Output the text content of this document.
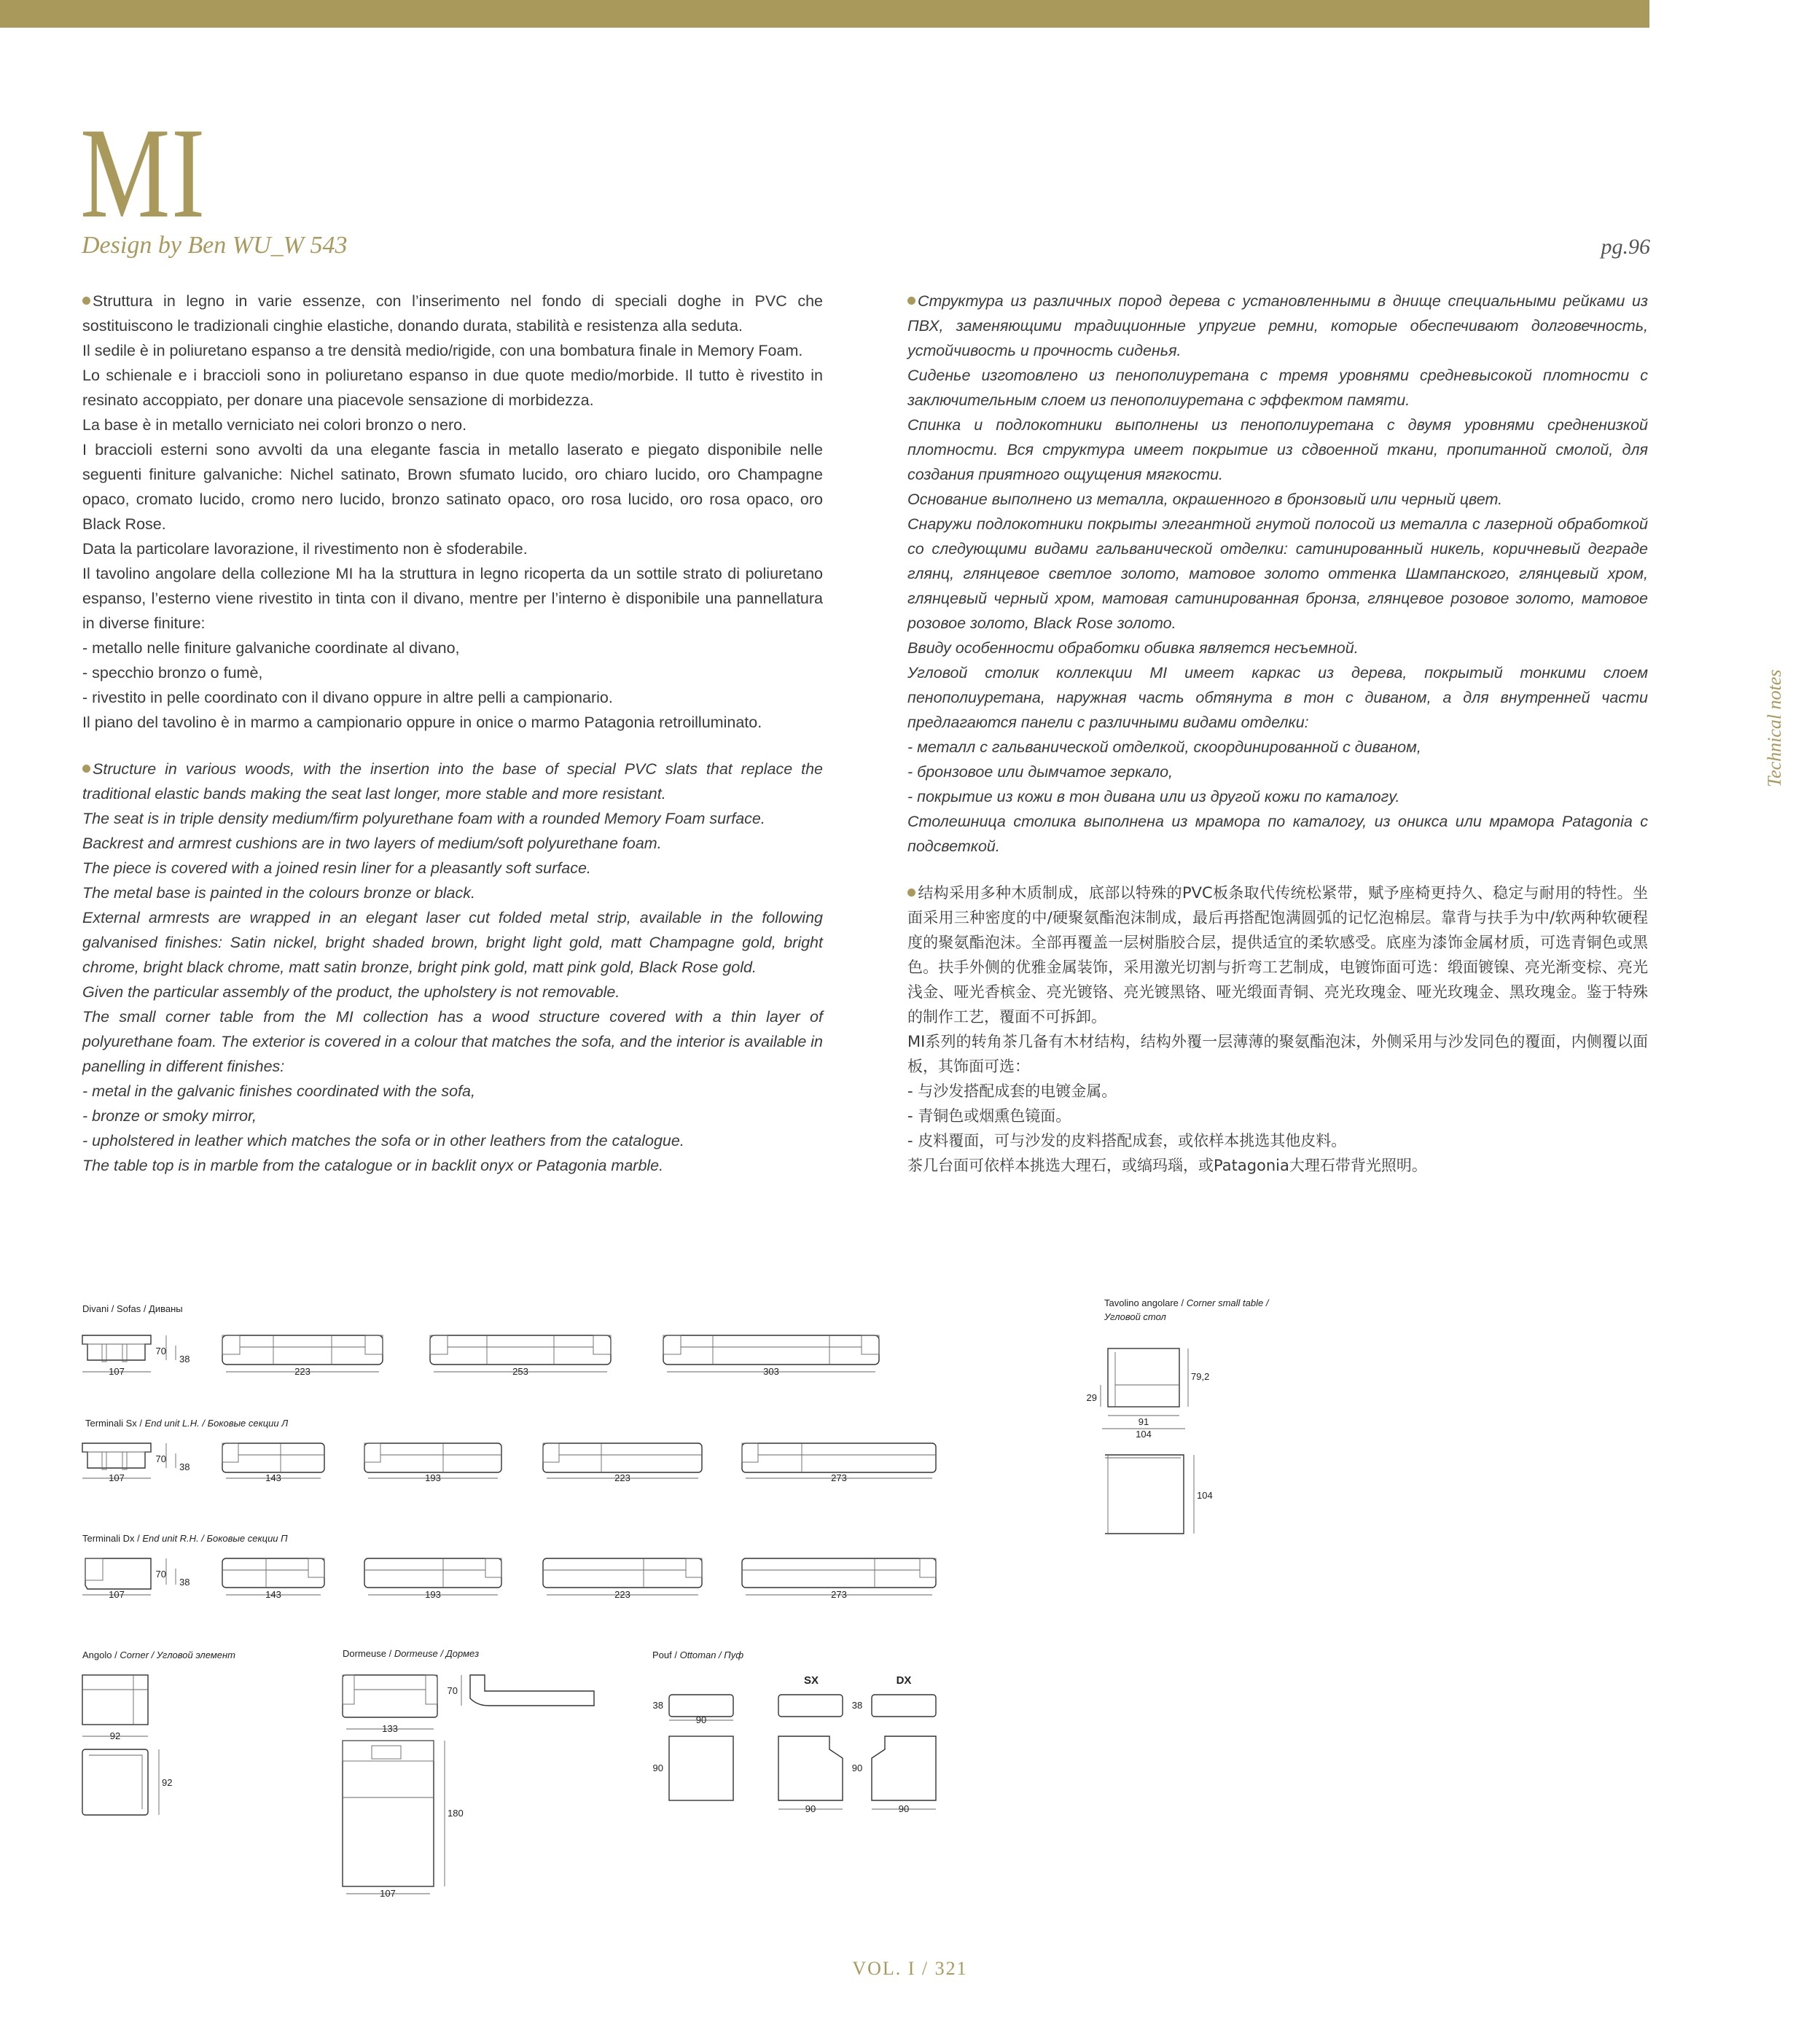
MI
Design by Ben WU_W 543	pg.96
Technical notes

Struttura in legno in varie essenze, con l’inserimento nel fondo di speciali doghe in PVC che sostituiscono le tradizionali cinghie elastiche, donando durata, stabilità e resistenza alla seduta.

Il sedile è in poliuretano espanso a tre densità medio/rigide, con una bombatura finale in Memory Foam.

Lo schienale e i braccioli sono in poliuretano espanso in due quote medio/morbide. Il tutto è rivestito in resinato accoppiato, per donare una piacevole sensazione di morbidezza.

La base è in metallo verniciato nei colori bronzo o nero.

I braccioli esterni sono avvolti da una elegante fascia in metallo laserato e piegato disponibile nelle seguenti finiture galvaniche: Nichel satinato, Brown sfumato lucido, oro chiaro lucido, oro Champagne opaco, cromato lucido, cromo nero lucido, bronzo satinato opaco, oro rosa lucido, oro rosa opaco, oro Black Rose.

Data la particolare lavorazione, il rivestimento non è sfoderabile.

Il tavolino angolare della collezione MI ha la struttura in legno ricoperta da un sottile strato di poliuretano espanso, l’esterno viene rivestito in tinta con il divano, mentre per l’interno è disponibile una pannellatura in diverse finiture:

- metallo nelle finiture galvaniche coordinate al divano,

- specchio bronzo o fumè,

- rivestito in pelle coordinato con il divano oppure in altre pelli a campionario.

Il piano del tavolino è in marmo a campionario oppure in onice o marmo Patagonia retroilluminato.

Structure in various woods, with the insertion into the base of special PVC slats that replace the traditional elastic bands making the seat last longer, more stable and more resistant.

The seat is in triple density medium/firm polyurethane foam with a rounded Memory Foam surface.

Backrest and armrest cushions are in two layers of medium/soft polyurethane foam.

The piece is covered with a joined resin liner for a pleasantly soft surface.

The metal base is painted in the colours bronze or black.

External armrests are wrapped in an elegant laser cut folded metal strip, available in the following galvanised finishes: Satin nickel, bright shaded brown, bright light gold, matt Champagne gold, bright chrome, bright black chrome, matt satin bronze, bright pink gold, matt pink gold, Black Rose gold.

Given the particular assembly of the product, the upholstery is not removable.

The small corner table from the MI collection has a wood structure covered with a thin layer of polyurethane foam. The exterior is covered in a colour that matches the sofa, and the interior is available in panelling in different finishes:

- metal in the galvanic finishes coordinated with the sofa,

- bronze or smoky mirror,

- upholstered in leather which matches the sofa or in other leathers from the catalogue.

The table top is in marble from the catalogue or in backlit onyx or Patagonia marble.

Структура из различных пород дерева с установленными в днище специальными рейками из ПВХ, заменяющими традиционные упругие ремни, которые обеспечивают долговечность, устойчивость и прочность сиденья.

Сиденье изготовлено из пенополиуретана с тремя уровнями средневысокой плотности с заключительным слоем из пенополиуретана с эффектом памяти.

Спинка и подлокотники выполнены из пенополиуретана с двумя уровнями средненизкой плотности. Вся структура имеет покрытие из сдвоенной ткани, пропитанной смолой, для создания приятного ощущения мягкости.

Основание выполнено из металла, окрашенного в бронзовый или черный цвет.

Снаружи подлокотники покрыты элегантной гнутой полосой из металла с лазерной обработкой со следующими видами гальванической отделки: сатинированный никель, коричневый деграде глянц, глянцевое светлое золото, матовое золото оттенка Шампанского, глянцевый хром, глянцевый черный хром, матовая сатинированная бронза, глянцевое розовое золото, матовое розовое золото, Black Rose золото.

Ввиду особенности обработки обивка является несъемной.

Угловой столик коллекции MI имеет каркас из дерева, покрытый тонкими слоем пенополиуретана, наружная часть обтянута в тон с диваном, а для внутренней части предлагаются панели с различными видами отделки:

- металл с гальванической отделкой, скоординированной с диваном,

- бронзовое или дымчатое зеркало,

- покрытие из кожи в тон дивана или из другой кожи по каталогу.

Столешница столика выполнена из мрамора по каталогу, из оникса или мрамора Patagonia с подсветкой.

结构采用多种木质制成，底部以特殊的PVC板条取代传统松紧带，赋予座椅更持久、稳定与耐用的特性。坐面采用三种密度的中/硬聚氨酯泡沫制成，最后再搭配饱满圆弧的记忆泡棉层。靠背与扶手为中/软两种软硬程度的聚氨酯泡沫。全部再覆盖一层树脂胶合层，提供适宜的柔软感受。底座为漆饰金属材质，可选青铜色或黑色。扶手外侧的优雅金属装饰，采用激光切割与折弯工艺制成，电镀饰面可选：缎面镀镍、亮光渐变棕、亮光浅金、哑光香槟金、亮光镀铬、亮光镀黑铬、哑光缎面青铜、亮光玫瑰金、哑光玫瑰金、黑玫瑰金。鉴于特殊的制作工艺，覆面不可拆卸。

MI系列的转角茶几备有木材结构，结构外覆一层薄薄的聚氨酯泡沫，外侧采用与沙发同色的覆面，内侧覆以面板，其饰面可选：

- 与沙发搭配成套的电镀金属。

- 青铜色或烟熏色镜面。

- 皮料覆面，可与沙发的皮料搭配成套，或依样本挑选其他皮料。

茶几台面可依样本挑选大理石，或缟玛瑙，或Patagonia大理石带背光照明。

Divani / Sofas / Диваны
Terminali Sx / End unit L.H. / Боковые секции Л
Terminali Dx / End unit R.H. / Боковые секции П
Angolo / Corner / Угловой элемент	Dormeuse / Dormeuse / Дормез	Pouf / Ottoman / Пуф
Tavolino angolare / Corner small table /
Угловой стол
70
38
107	223	253	303
70
38
107	143	193	223	273
70
38
107	143	193	223	273
92
92
133
70
180
107
38
90
90
SX
90
DX
38
90
90
79,2
29
91
104
104
VOL. I / 321
